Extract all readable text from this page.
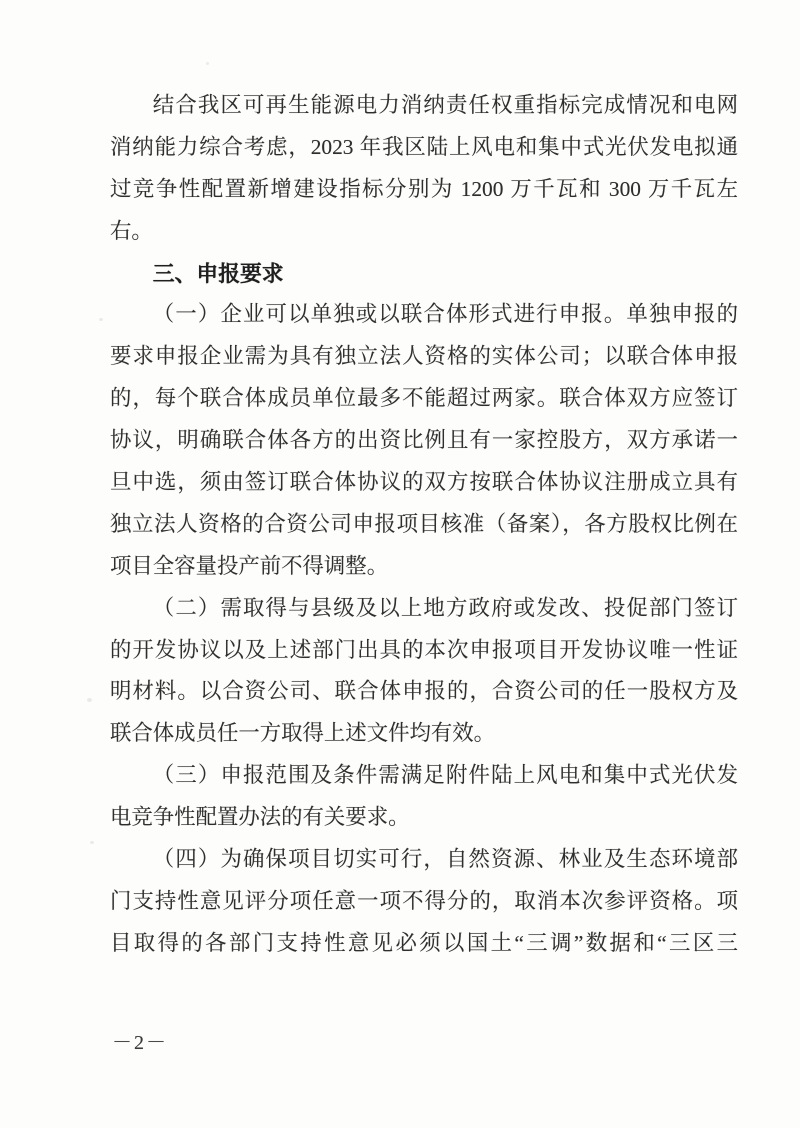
结合我区可再生能源电力消纳责任权重指标完成情况和电网
消纳能力综合考虑，2023 年我区陆上风电和集中式光伏发电拟通
过竞争性配置新增建设指标分别为 1200 万千瓦和 300 万千瓦左
右。
三、申报要求
（一）企业可以单独或以联合体形式进行申报。单独申报的
要求申报企业需为具有独立法人资格的实体公司；以联合体申报
的，每个联合体成员单位最多不能超过两家。联合体双方应签订
协议，明确联合体各方的出资比例且有一家控股方，双方承诺一
旦中选，须由签订联合体协议的双方按联合体协议注册成立具有
独立法人资格的合资公司申报项目核准（备案），各方股权比例在
项目全容量投产前不得调整。
（二）需取得与县级及以上地方政府或发改、投促部门签订
的开发协议以及上述部门出具的本次申报项目开发协议唯一性证
明材料。以合资公司、联合体申报的，合资公司的任一股权方及
联合体成员任一方取得上述文件均有效。
（三）申报范围及条件需满足附件陆上风电和集中式光伏发
电竞争性配置办法的有关要求。
（四）为确保项目切实可行，自然资源、林业及生态环境部
门支持性意见评分项任意一项不得分的，取消本次参评资格。项
目取得的各部门支持性意见必须以国土“三调”数据和“三区三
－2－
